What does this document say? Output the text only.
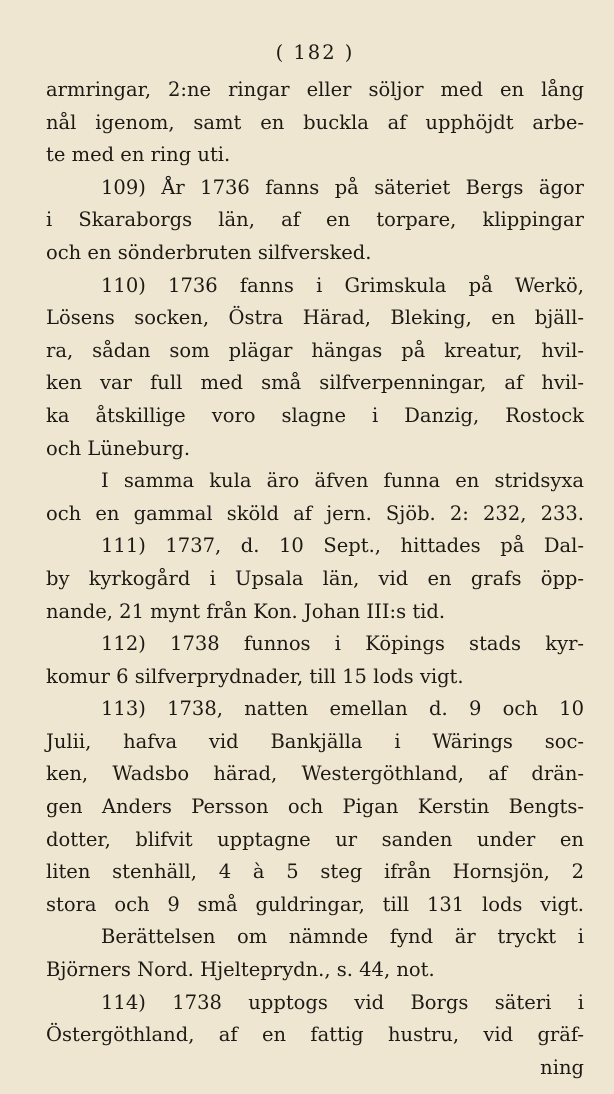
( 182 )
armringar, 2:ne ringar eller söljor med en lång
nål igenom, samt en buckla af upphöjdt arbe-
te med en ring uti.
109) År 1736 fanns på säteriet Bergs ägor
i Skaraborgs län, af en torpare, klippingar
och en sönderbruten silfversked.
110) 1736 fanns i Grimskula på Werkö,
Lösens socken, Östra Härad, Bleking, en bjäll-
ra, sådan som plägar hängas på kreatur, hvil-
ken var full med små silfverpenningar, af hvil-
ka åtskillige voro slagne i Danzig, Rostock
och Lüneburg.
I samma kula äro äfven funna en stridsyxa
och en gammal sköld af jern. Sjöb. 2: 232, 233.
111) 1737, d. 10 Sept., hittades på Dal-
by kyrkogård i Upsala län, vid en grafs öpp-
nande, 21 mynt från Kon. Johan III:s tid.
112) 1738 funnos i Köpings stads kyr-
komur 6 silfverprydnader, till 15 lods vigt.
113) 1738, natten emellan d. 9 och 10
Julii, hafva vid Bankjälla i Wärings soc-
ken, Wadsbo härad, Westergöthland, af drän-
gen Anders Persson och Pigan Kerstin Bengts-
dotter, blifvit upptagne ur sanden under en
liten stenhäll, 4 à 5 steg ifrån Hornsjön, 2
stora och 9 små guldringar, till 131 lods vigt.
Berättelsen om nämnde fynd är tryckt i
Björners Nord. Hjelteprydn., s. 44, not.
114) 1738 upptogs vid Borgs säteri i
Östergöthland, af en fattig hustru, vid gräf-
ning
